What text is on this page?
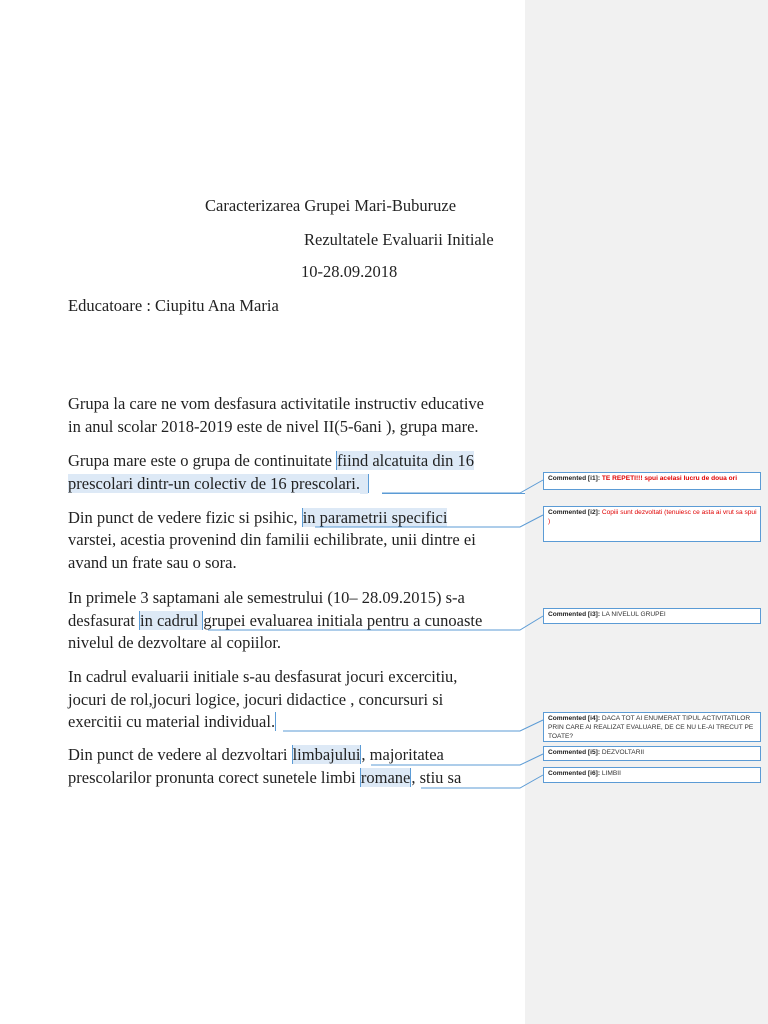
Caracterizarea Grupei Mari-Buburuze
Rezultatele Evaluarii Initiale
10-28.09.2018
Educatoare : Ciupitu Ana Maria
Grupa la care ne vom desfasura activitatile instructiv educative
in anul scolar 2018-2019 este de nivel II(5-6ani ), grupa mare.
Grupa mare este o grupa de continuitate fiind alcatuita din 16
prescolari dintr-un colectiv de 16 prescolari.
Din punct de vedere fizic si psihic, in parametrii specifici
varstei, acestia provenind din familii echilibrate, unii dintre ei
avand un frate sau o sora.
In primele 3 saptamani ale semestrului (10– 28.09.2015) s-a
desfasurat in cadrul grupei evaluarea initiala pentru a cunoaste
nivelul de dezvoltare al copiilor.
In cadrul evaluarii initiale s-au desfasurat jocuri excercitiu,
jocuri de rol,jocuri logice, jocuri didactice , concursuri si
exercitii cu material individual.
Din punct de vedere al dezvoltari limbajului, majoritatea
prescolarilor pronunta corect sunetele limbi romane, stiu sa
Commented [i1]: TE REPETI!!! spui acelasi lucru de doua ori
Commented [i2]: Copiii sunt dezvoltati (tenuiesc ce asta ai vrut sa spui
)
Commented [i3]: LA NIVELUL GRUPEI
Commented [i4]: DACA TOT AI ENUMERAT TIPUL ACTIVITATILOR PRIN CARE AI REALIZAT EVALUARE, DE CE NU LE-AI TRECUT PE TOATE?
Commented [i5]: DEZVOLTARII
Commented [i6]: LIMBII
